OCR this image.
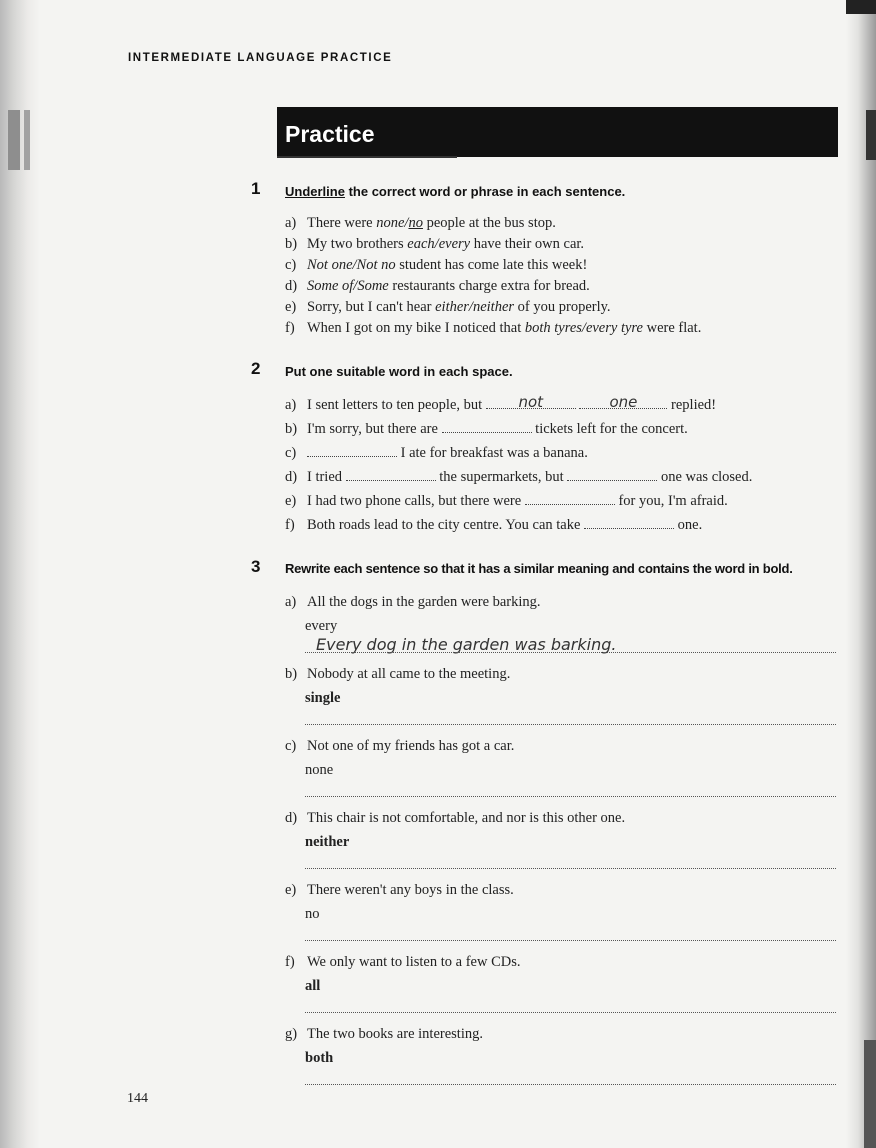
INTERMEDIATE LANGUAGE PRACTICE
Practice
1 Underline the correct word or phrase in each sentence.
a) There were none/no people at the bus stop.
b) My two brothers each/every have their own car.
c) Not one/Not no student has come late this week!
d) Some of/Some restaurants charge extra for bread.
e) Sorry, but I can't hear either/neither of you properly.
f) When I got on my bike I noticed that both tyres/every tyre were flat.
2 Put one suitable word in each space.
a) I sent letters to ten people, but	not
	one	replied!
b) I'm sorry, but there are	tickets left for the concert.
c)	I ate for breakfast was a banana.
d) I tried	the supermarkets, but	one was closed.
e) I had two phone calls, but there were	for you, I'm afraid.
f) Both roads lead to the city centre. You can take	one.
3 Rewrite each sentence so that it has a similar meaning and contains the word in bold.
a) All the dogs in the garden were barking.
every
Every dog in the garden was barking.
b) Nobody at all came to the meeting.
single
c) Not one of my friends has got a car.
none
d) This chair is not comfortable, and nor is this other one.
neither
e) There weren't any boys in the class.
no
f) We only want to listen to a few CDs.
all
g) The two books are interesting.
both
144
